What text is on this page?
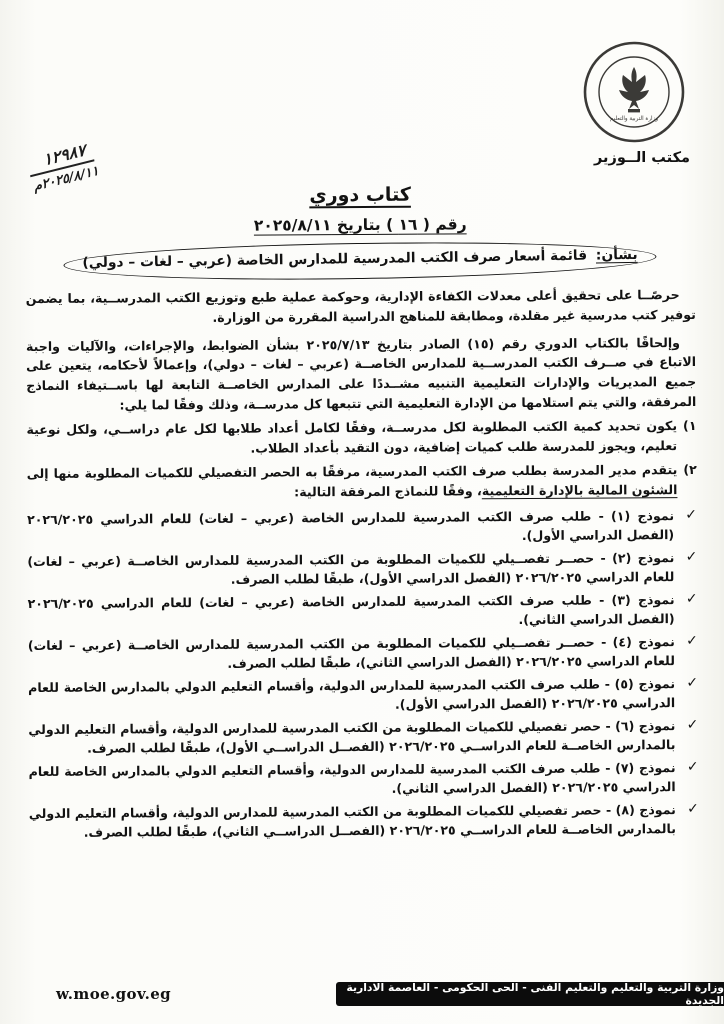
وزارة التربية والتعليم
مكتب الــوزير
١٢٩٨٧
٢٠٢٥/٨/١١م
كتاب دوري
رقم ( ١٦ ) بتاريخ ٢٠٢٥/٨/١١
بشأن: قائمة أسعار صرف الكتب المدرسية للمدارس الخاصة (عربي – لغات – دولي)

حرصًــا على تحقيق أعلى معدلات الكفاءة الإدارية، وحوكمة عملية طبع وتوزيع الكتب المدرســية، بما يضمن توفير كتب مدرسية غير مقلدة، ومطابقة للمناهج الدراسية المقررة من الوزارة.

وإلحاقًا بالكتاب الدوري رقم (١٥) الصادر بتاريخ ٢٠٢٥/٧/١٣ بشأن الضوابط، والإجراءات، والآليات واجبة الاتباع في صــرف الكتب المدرســية للمدارس الخاصــة (عربي – لغات – دولي)، وإعمالاً لأحكامه، يتعين على جميع المديريات والإدارات التعليمية التنبيه مشــددًا على المدارس الخاصــة التابعة لها باســتيفاء النماذج المرفقة، والتي يتم استلامها من الإدارة التعليمية التي تتبعها كل مدرســة، وذلك وفقًا لما يلي:

١)
يكون تحديد كمية الكتب المطلوبة لكل مدرســة، وفقًا لكامل أعداد طلابها لكل عام دراســي، ولكل نوعية تعليم، ويجوز للمدرسة طلب كميات إضافية، دون التقيد بأعداد الطلاب.
٢)
يتقدم مدير المدرسة بطلب صرف الكتب المدرسية، مرفقًا به الحصر التفصيلي للكميات المطلوبة منها إلى الشئون المالية بالإدارة التعليمية، وفقًا للنماذج المرفقة التالية:
✓
نموذج (١) - طلب صرف الكتب المدرسية للمدارس الخاصة (عربي – لغات) للعام الدراسي ٢٠٢٦/٢٠٢٥ (الفصل الدراسي الأول).
✓
نموذج (٢) - حصــر تفصــيلي للكميات المطلوبة من الكتب المدرسية للمدارس الخاصــة (عربي – لغات) للعام الدراسي ٢٠٢٦/٢٠٢٥ (الفصل الدراسي الأول)، طبقًا لطلب الصرف.
✓
نموذج (٣) - طلب صرف الكتب المدرسية للمدارس الخاصة (عربي – لغات) للعام الدراسي ٢٠٢٦/٢٠٢٥ (الفصل الدراسي الثاني).
✓
نموذج (٤) - حصــر تفصــيلي للكميات المطلوبة من الكتب المدرسية للمدارس الخاصــة (عربي – لغات) للعام الدراسي ٢٠٢٦/٢٠٢٥ (الفصل الدراسي الثاني)، طبقًا لطلب الصرف.
✓
نموذج (٥) - طلب صرف الكتب المدرسية للمدارس الدولية، وأقسام التعليم الدولي بالمدارس الخاصة للعام الدراسي ٢٠٢٦/٢٠٢٥ (الفصل الدراسي الأول).
✓
نموذج (٦) - حصر تفصيلي للكميات المطلوبة من الكتب المدرسية للمدارس الدولية، وأقسام التعليم الدولي بالمدارس الخاصــة للعام الدراســي ٢٠٢٦/٢٠٢٥ (الفصــل الدراســي الأول)، طبقًا لطلب الصرف.
✓
نموذج (٧) - طلب صرف الكتب المدرسية للمدارس الدولية، وأقسام التعليم الدولي بالمدارس الخاصة للعام الدراسي ٢٠٢٦/٢٠٢٥ (الفصل الدراسي الثاني).
✓
نموذج (٨) - حصر تفصيلي للكميات المطلوبة من الكتب المدرسية للمدارس الدولية، وأقسام التعليم الدولي بالمدارس الخاصــة للعام الدراســي ٢٠٢٦/٢٠٢٥ (الفصــل الدراســي الثاني)، طبقًا لطلب الصرف.
w.moe.gov.eg	وزارة التربية والتعليم والتعليم الفنى - الحى الحكومى - العاصمة الادارية الجديدة
